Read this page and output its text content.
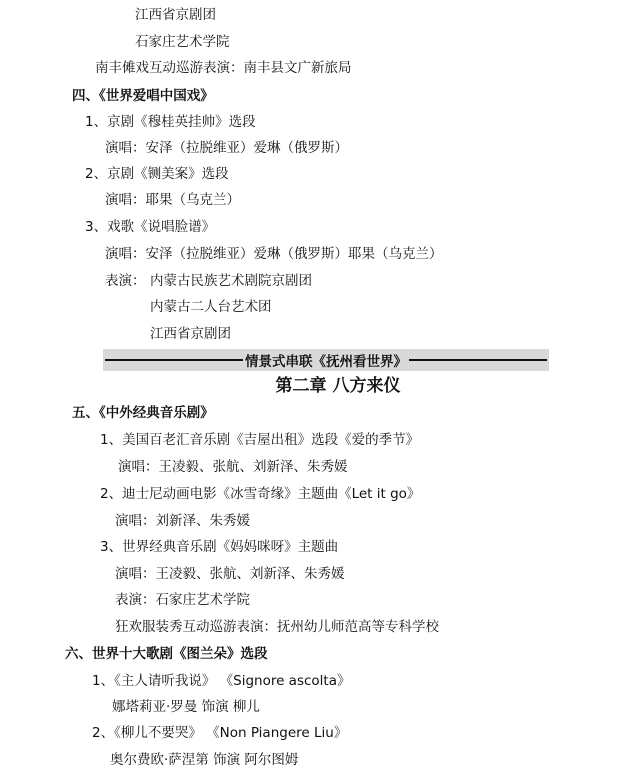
江西省京剧团
石家庄艺术学院
南丰傩戏互动巡游表演：南丰县文广新旅局
四、《世界爱唱中国戏》
1、京剧《穆桂英挂帅》选段
演唱：安泽（拉脱维亚）爱琳（俄罗斯）
2、京剧《铡美案》选段
演唱：耶果（乌克兰）
3、戏歌《说唱脸谱》
演唱：安泽（拉脱维亚）爱琳（俄罗斯）耶果（乌克兰）
表演： 内蒙古民族艺术剧院京剧团
内蒙古二人台艺术团
江西省京剧团
情景式串联《抚州看世界》
第二章 八方来仪
五、《中外经典音乐剧》
1、美国百老汇音乐剧《吉屋出租》选段《爱的季节》
演唱：王凌毅、张航、刘新泽、朱秀媛
2、迪士尼动画电影《冰雪奇缘》主题曲《Let it go》
演唱：刘新泽、朱秀媛
3、世界经典音乐剧《妈妈咪呀》主题曲
演唱：王凌毅、张航、刘新泽、朱秀媛
表演：石家庄艺术学院
狂欢服装秀互动巡游表演：抚州幼儿师范高等专科学校
六、世界十大歌剧《图兰朵》选段
1、《主人请听我说》 《Signore ascolta》
娜塔莉亚·罗曼 饰演 柳儿
2、《柳儿不要哭》 《Non Piangere Liu》
奥尔费欧·萨涅第 饰演 阿尔图姆
